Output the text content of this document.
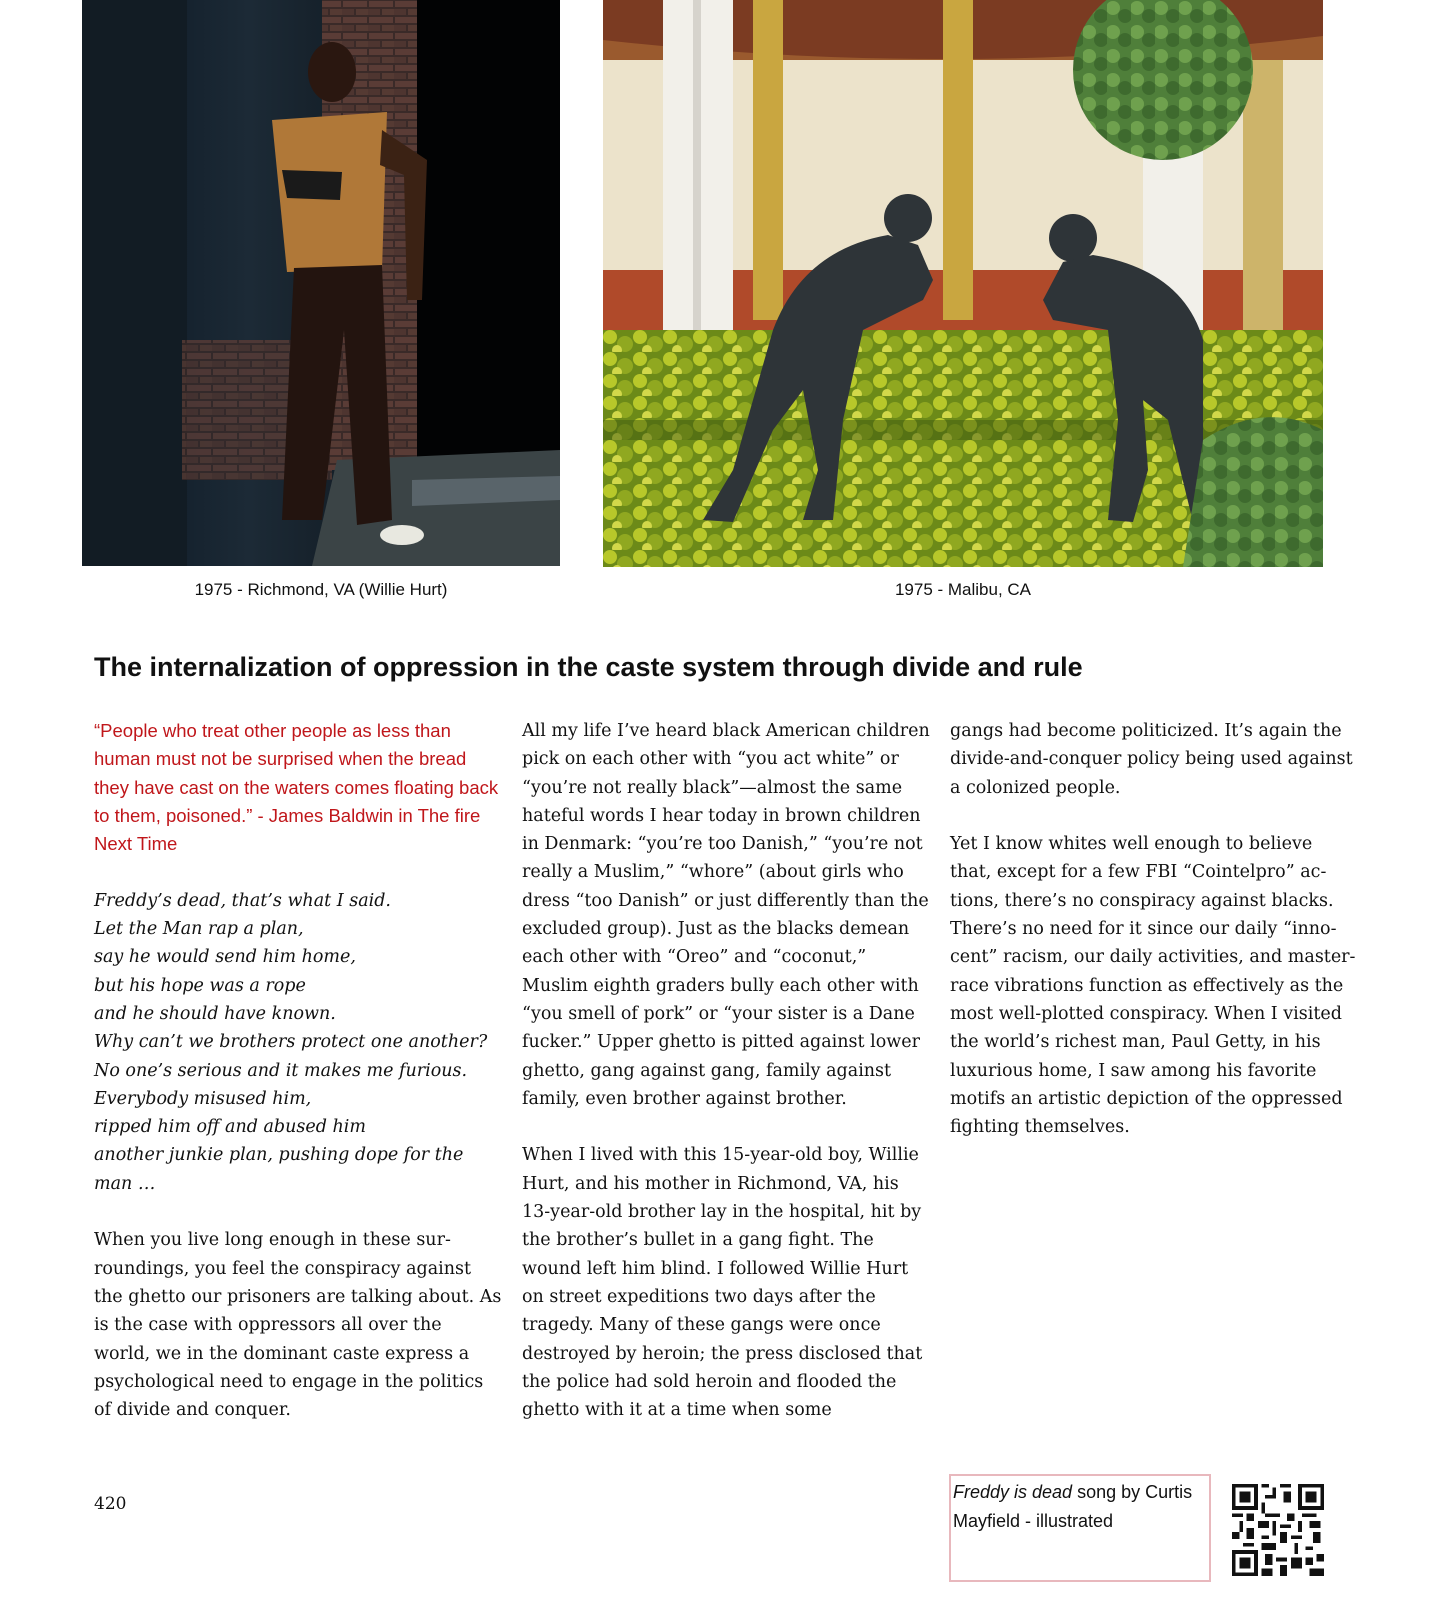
1975 - Richmond, VA (Willie Hurt)	1975 - Malibu, CA
The internalization of oppression in the caste system through divide and rule

“People who treat other people as less than human must not be surprised when the bread they have cast on the waters comes floating back to them, poisoned.” - James Baldwin in The fire Next Time

Freddy’s dead, that’s what I said.
Let the Man rap a plan,
say he would send him home,
but his hope was a rope
and he should have known.
Why can’t we brothers protect one another?
No one’s serious and it makes me furious.
Everybody misused him,
ripped him off and abused him
another junkie plan, pushing dope for the man …

When you live long enough in these surroundings, you feel the conspiracy against the ghetto our prisoners are talking about. As is the case with oppressors all over the world, we in the dominant caste express a psychological need to engage in the politics of divide and conquer.

All my life I’ve heard black American children pick on each other with “you act white” or “you’re not really black”—almost the same hateful words I hear today in brown children in Denmark: “you’re too Danish,” “you’re not really a Muslim,” “whore” (about girls who dress “too Danish” or just differently than the excluded group). Just as the blacks demean each other with “Oreo” and “coconut,” Muslim eighth graders bully each other with “you smell of pork” or “your sister is a Dane fucker.” Upper ghetto is pitted against lower ghetto, gang against gang, family against family, even brother against brother.

When I lived with this 15-year-old boy, Willie Hurt, and his mother in Richmond, VA, his 13-year-old brother lay in the hospital, hit by the brother’s bullet in a gang fight. The wound left him blind. I followed Willie Hurt on street expeditions two days after the tragedy. Many of these gangs were once destroyed by heroin; the press disclosed that the police had sold heroin and flooded the ghetto with it at a time when some

gangs had become politicized. It’s again the divide-and-conquer policy being used against a colonized people.

Yet I know whites well enough to believe that, except for a few FBI “Cointelpro” actions, there’s no conspiracy against blacks. There’s no need for it since our daily “innocent” racism, our daily activities, and master-race vibrations function as effectively as the most well-plotted conspiracy. When I visited the world’s richest man, Paul Getty, in his luxurious home, I saw among his favorite motifs an artistic depiction of the oppressed fighting themselves.

420
Freddy is dead song by Curtis Mayfield - illustrated
